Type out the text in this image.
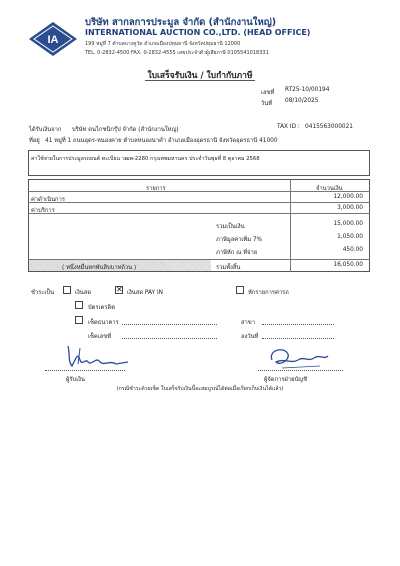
IA
บริษัท สากลการประมูล จำกัด (สำนักงานใหญ่)
INTERNATIONAL AUCTION CO.,LTD. (HEAD OFFICE)
199 หมู่ที่ 7 ตำบลบางคูวัด อำเภอเมืองปทุมธานี จังหวัดปทุมธานี 12000
TEL. 0-2832-4500 FAX. 0-2832-4555 เลขประจำตัวผู้เสียภาษี 0105541018331
ใบเสร็จรับเงิน / ใบกำกับภาษี
เลขที่ RT25-10/00194
วันที่ 08/10/2025
ได้รับเงินจาก บริษัท ดนไกชนิกรุ๊ป จำกัด (สำนักงานใหญ่)	TAX ID : 0415563000021
ที่อยู่ 41 หมู่ที่ 1 ถนนอุดร-หนองคาย ตำบลหนองนาคำ อำเภอเมืองอุดรธานี จังหวัดอุดรธานี 41000
ค่าใช้จ่ายในการประมูลรถยนต์ ทะเบียน วฒพ-2280 กรุงเทพมหานคร ประจำวันพุธที่ 8 ตุลาคม 2568
รายการ	จำนวนเงิน
ค่าดำเนินการ	12,000.00
ค่าบริการ	3,000.00
รวมเป็นเงิน	15,000.00
ภาษีมูลค่าเพิ่ม 7%	1,050.00
ภาษีหัก ณ ที่จ่าย	450.00
( หนึ่งหมื่นหกพันสิบบาทถ้วน )	รวมทั้งสิ้น	16,050.00
ชำระเป็น	เงินสด
✕	เงินสด PAY IN	หักรายการค่ารถ
บัตรเครดิต
เช็คธนาคาร	สาขา
เช็คเลขที่	ลงวันที่
ผู้รับเงิน	ผู้จัดการฝ่ายบัญชี
(กรณีชำระด้วยเช็ค ใบเสร็จรับเงินนี้จะสมบูรณ์ได้ต่อเมื่อเรียกเก็บเงินได้แล้ว)
